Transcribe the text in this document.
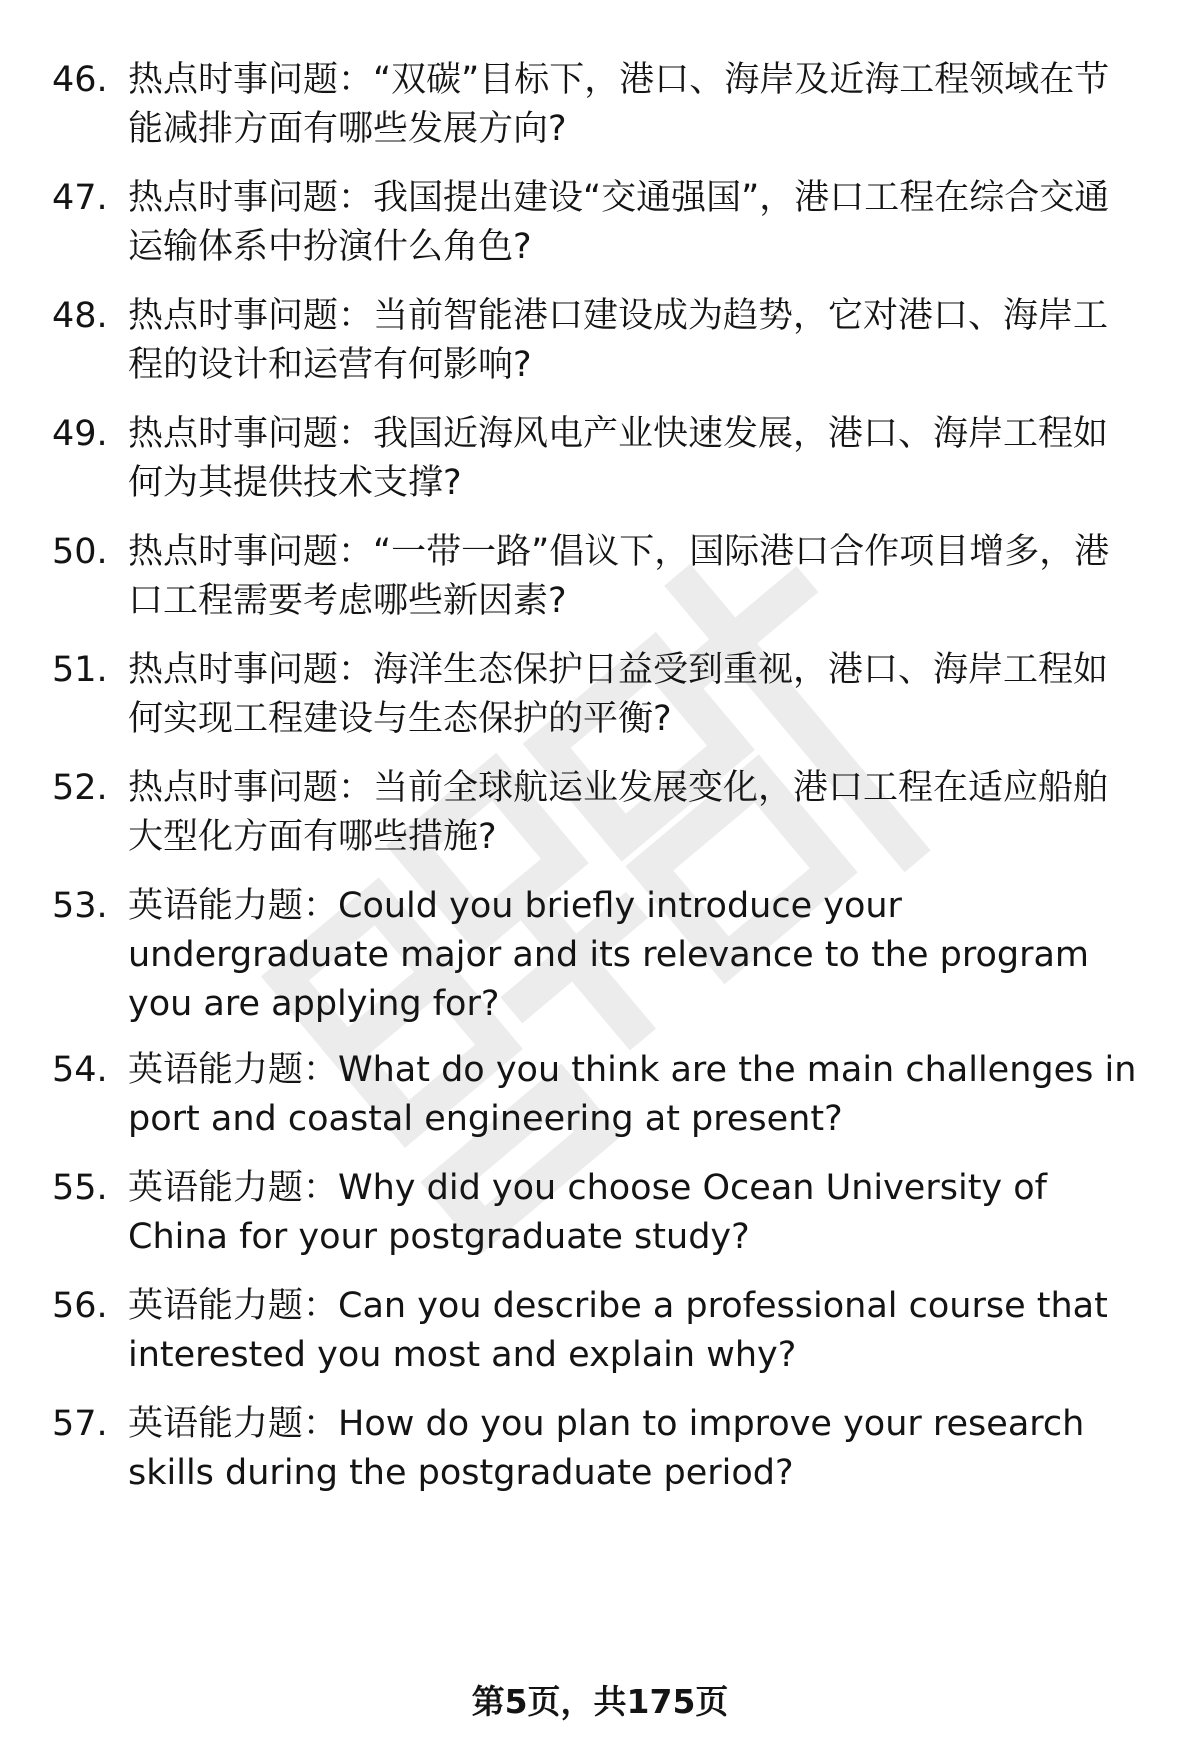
46. 热点时事问题：“双碳”目标下，港口、海岸及近海工程领域在节能减排方面有哪些发展方向?
47. 热点时事问题：我国提出建设“交通强国”，港口工程在综合交通运输体系中扮演什么角色?
48. 热点时事问题：当前智能港口建设成为趋势，它对港口、海岸工程的设计和运营有何影响?
49. 热点时事问题：我国近海风电产业快速发展，港口、海岸工程如何为其提供技术支撑?
50. 热点时事问题：“一带一路”倡议下，国际港口合作项目增多，港口工程需要考虑哪些新因素?
51. 热点时事问题：海洋生态保护日益受到重视，港口、海岸工程如何实现工程建设与生态保护的平衡?
52. 热点时事问题：当前全球航运业发展变化，港口工程在适应船舶大型化方面有哪些措施?
53. 英语能力题：Could you briefly introduce your undergraduate major and its relevance to the program you are applying for?
54. 英语能力题：What do you think are the main challenges in port and coastal engineering at present?
55. 英语能力题：Why did you choose Ocean University of China for your postgraduate study?
56. 英语能力题：Can you describe a professional course that interested you most and explain why?
57. 英语能力题：How do you plan to improve your research skills during the postgraduate period?
第5页，共175页
